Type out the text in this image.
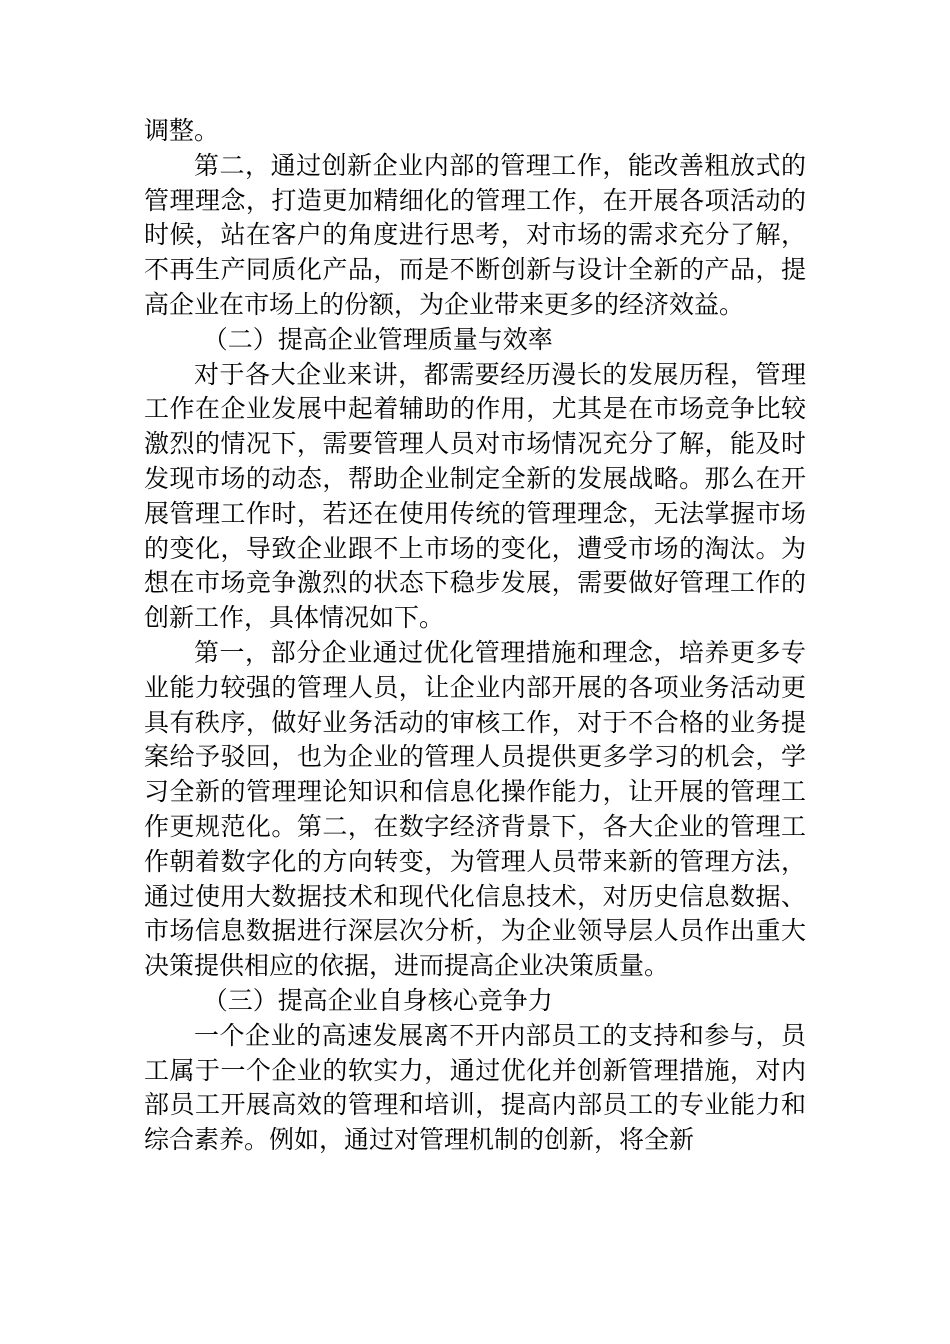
调整。

第二，通过创新企业内部的管理工作，能改善粗放式的管理理念，打造更加精细化的管理工作，在开展各项活动的时候，站在客户的角度进行思考，对市场的需求充分了解，不再生产同质化产品，而是不断创新与设计全新的产品，提高企业在市场上的份额，为企业带来更多的经济效益。

（二）提高企业管理质量与效率

对于各大企业来讲，都需要经历漫长的发展历程，管理工作在企业发展中起着辅助的作用，尤其是在市场竞争比较激烈的情况下，需要管理人员对市场情况充分了解，能及时发现市场的动态，帮助企业制定全新的发展战略。那么在开展管理工作时，若还在使用传统的管理理念，无法掌握市场的变化，导致企业跟不上市场的变化，遭受市场的淘汰。为想在市场竞争激烈的状态下稳步发展，需要做好管理工作的创新工作，具体情况如下。

第一，部分企业通过优化管理措施和理念，培养更多专业能力较强的管理人员，让企业内部开展的各项业务活动更具有秩序，做好业务活动的审核工作，对于不合格的业务提案给予驳回，也为企业的管理人员提供更多学习的机会，学习全新的管理理论知识和信息化操作能力，让开展的管理工作更规范化。第二，在数字经济背景下，各大企业的管理工作朝着数字化的方向转变，为管理人员带来新的管理方法，通过使用大数据技术和现代化信息技术，对历史信息数据、市场信息数据进行深层次分析，为企业领导层人员作出重大决策提供相应的依据，进而提高企业决策质量。

（三）提高企业自身核心竞争力

一个企业的高速发展离不开内部员工的支持和参与，员工属于一个企业的软实力，通过优化并创新管理措施，对内部员工开展高效的管理和培训，提高内部员工的专业能力和综合素养。例如，通过对管理机制的创新，将全新
